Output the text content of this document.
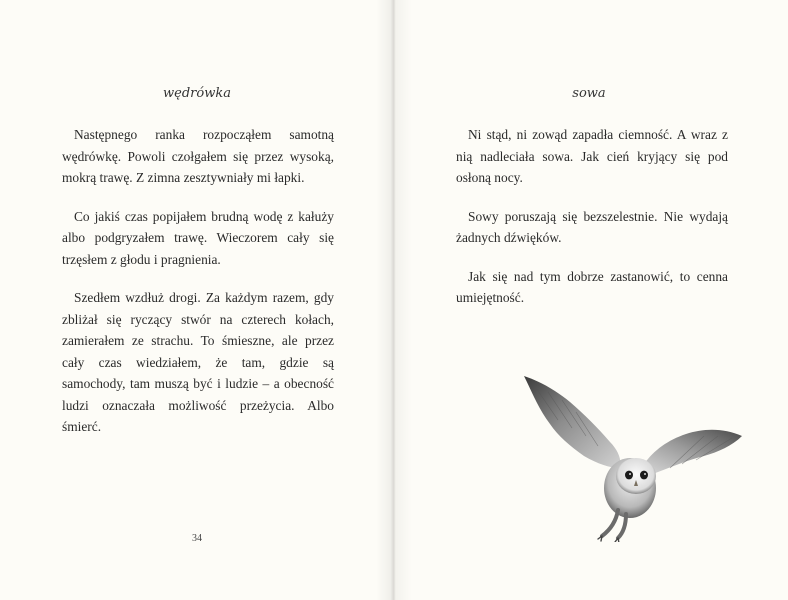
wędrówka

Następnego ranka rozpocząłem samotną wędrówkę. Powoli czołgałem się przez wysoką, mokrą trawę. Z zimna zesztywniały mi łapki.

Co jakiś czas popijałem brudną wodę z kałuży albo podgryzałem trawę. Wieczorem cały się trzęsłem z głodu i pragnienia.

Szedłem wzdłuż drogi. Za każdym razem, gdy zbliżał się ryczący stwór na czterech kołach, zamierałem ze strachu. To śmieszne, ale przez cały czas wiedziałem, że tam, gdzie są samochody, tam muszą być i ludzie – a obecność ludzi oznaczała możliwość przeżycia. Albo śmierć.

34
sowa

Ni stąd, ni zowąd zapadła ciemność. A wraz z nią nadleciała sowa. Jak cień kryjący się pod osłoną nocy.

Sowy poruszają się bezszelestnie. Nie wydają żadnych dźwięków.

Jak się nad tym dobrze zastanowić, to cenna umiejętność.
